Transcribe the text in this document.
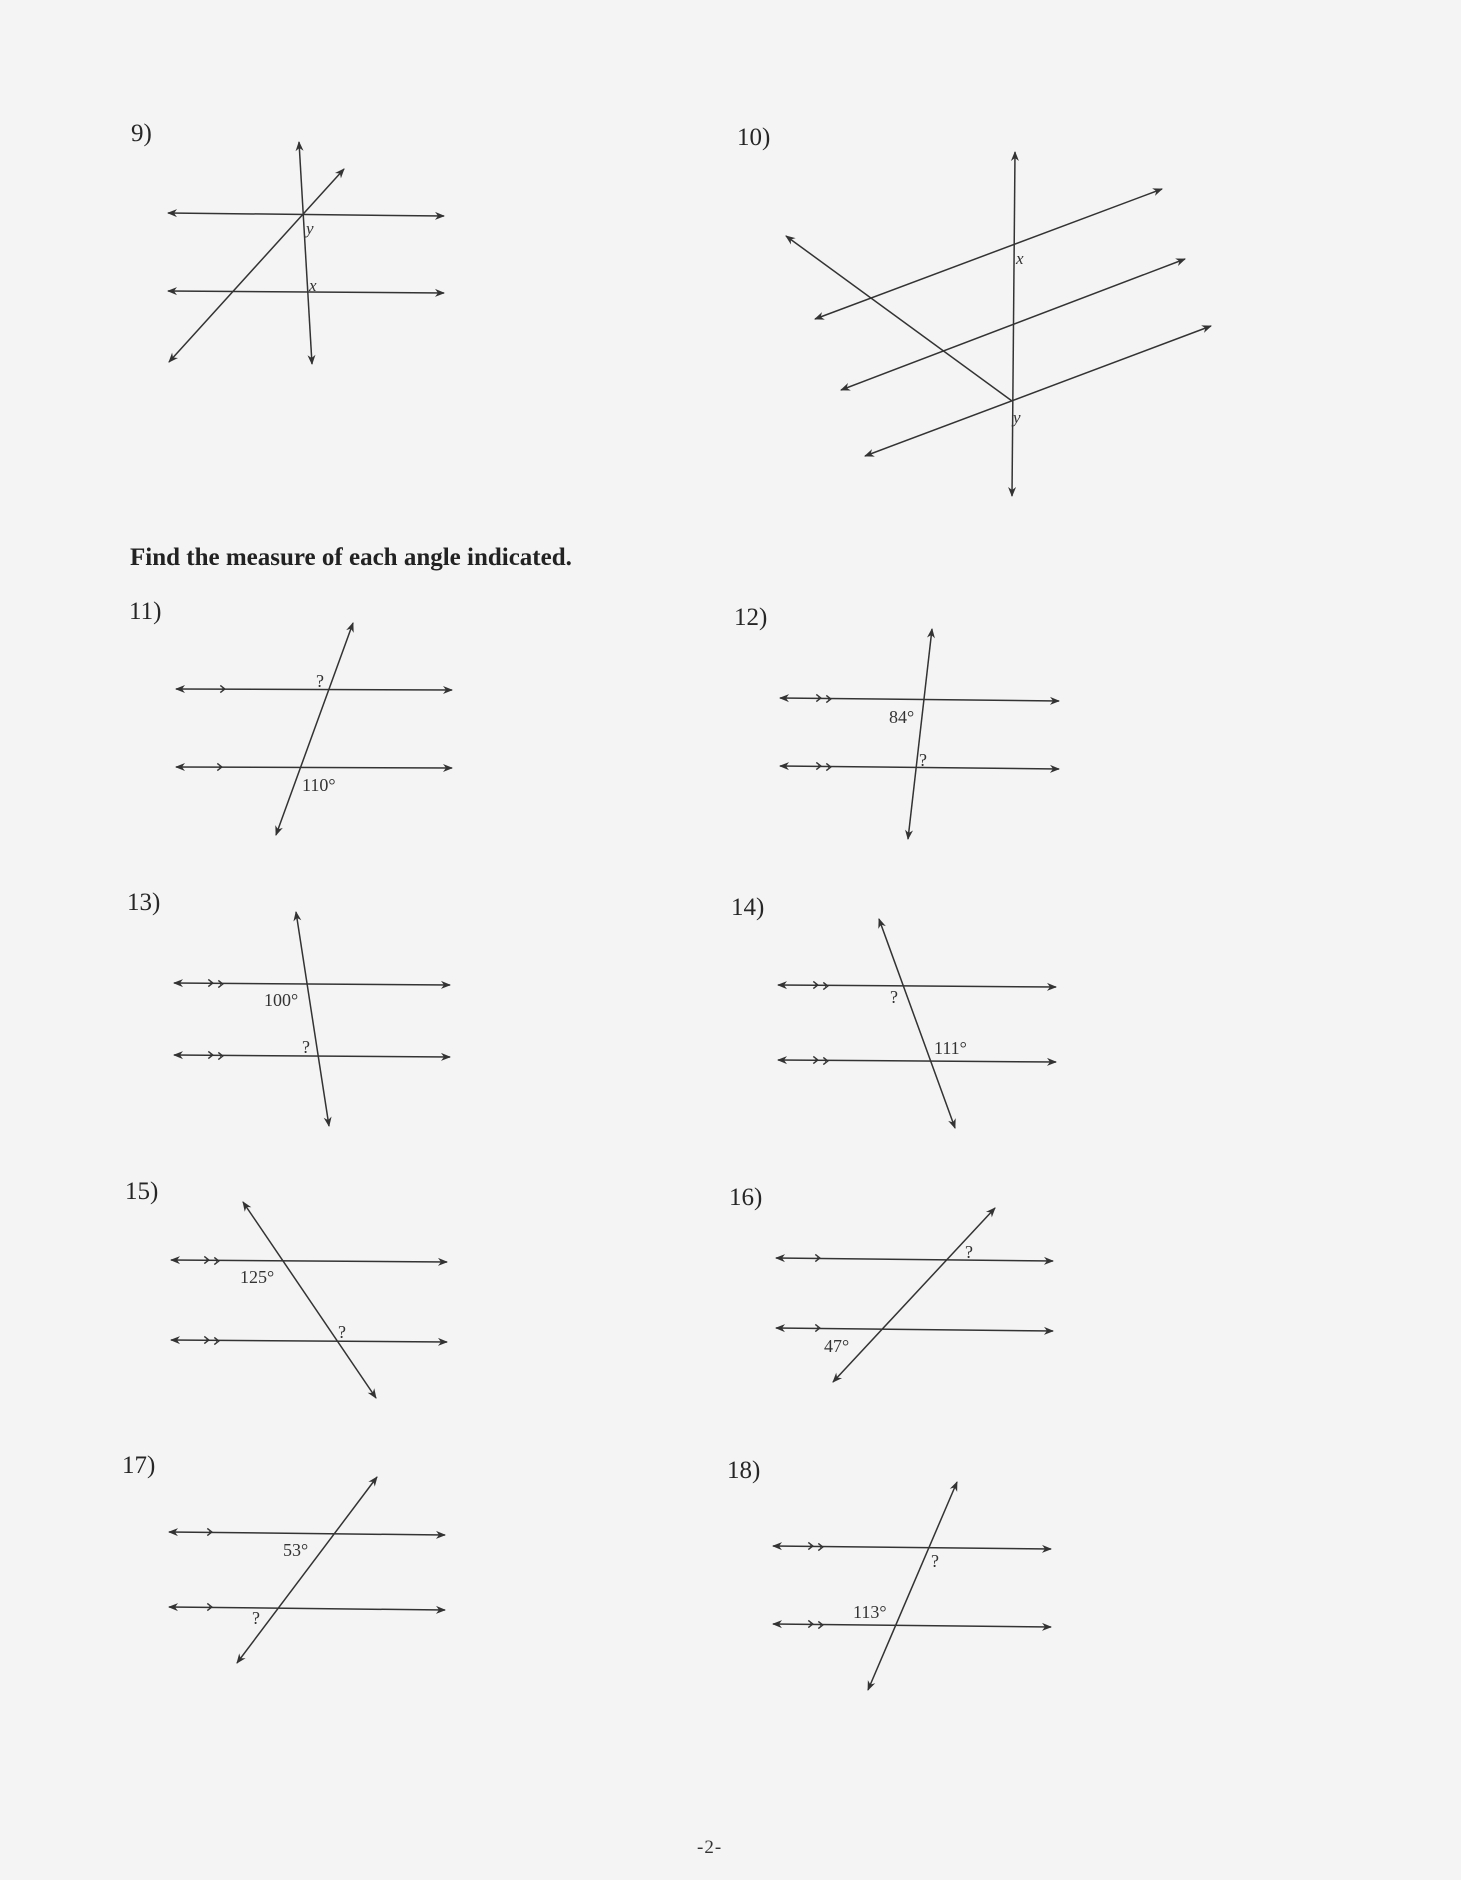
9)	10)
Find the measure of each angle indicated.
11)	12)
13)	14)
15)	16)
17)	18)
y
x
x
y
?
110°
84°
?
100°
?
?
111°
125°
?
?
47°
53°
?
?
113°
-2-
